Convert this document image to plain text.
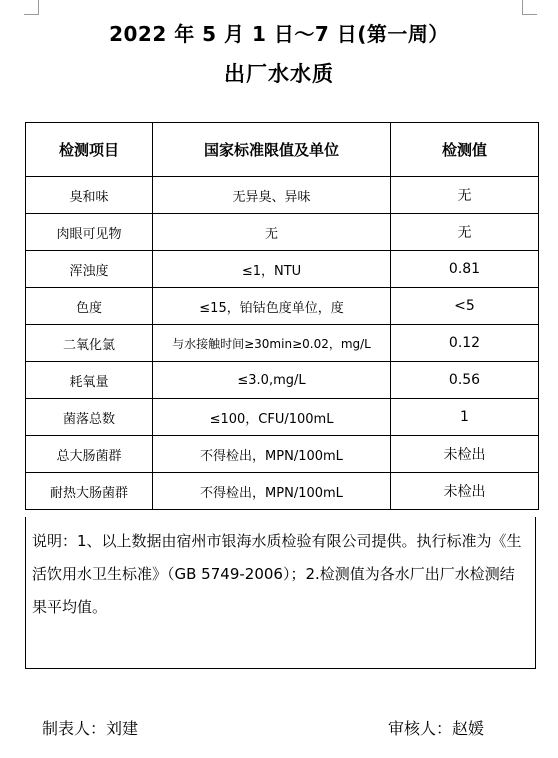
2022 年 5 月 1 日～7 日(第一周）
出厂水水质
检测项目	国家标准限值及单位	检测值
臭和味	无异臭、异味	无
肉眼可见物	无	无
浑浊度	≤1，NTU	0.81
色度	≤15，铂钴色度单位，度	<5
二氧化氯	与水接触时间≥30min≥0.02，mg/L	0.12
耗氧量	≤3.0,mg/L	0.56
菌落总数	≤100，CFU/100mL	1
总大肠菌群	不得检出，MPN/100mL	未检出
耐热大肠菌群	不得检出，MPN/100mL	未检出
说明：1、以上数据由宿州市银海水质检验有限公司提供。执行标准为《生活饮用水卫生标准》（GB 5749-2006）；2.检测值为各水厂出厂水检测结果平均值。
制表人：刘建	审核人：赵媛
